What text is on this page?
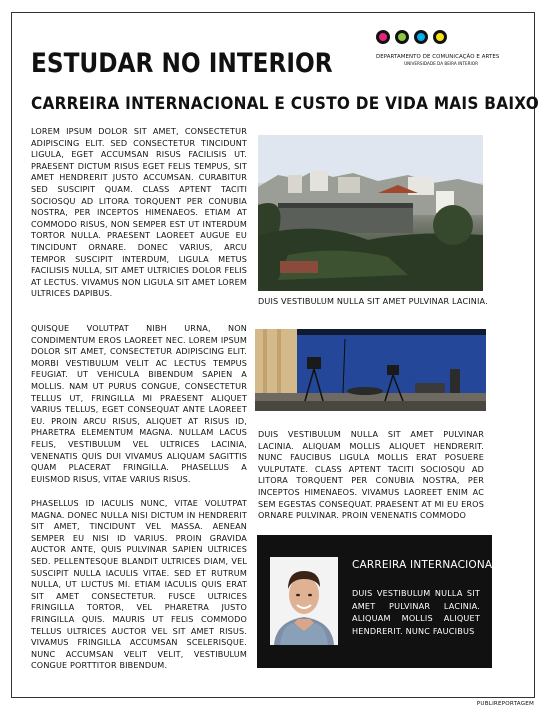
ESTUDAR NO INTERIOR
CARREIRA INTERNACIONAL E CUSTO DE VIDA MAIS BAIXO
DEPARTAMENTO DE COMUNICAÇÃO E ARTES
UNIVERSIDADE DA BEIRA INTERIOR

LOREM IPSUM DOLOR SIT AMET, CONSECTETUR ADIPISCING ELIT. SED CONSECTETUR TINCIDUNT LIGULA, EGET ACCUMSAN RISUS FACILISIS UT. PRAESENT DICTUM RISUS EGET FELIS TEMPUS, SIT AMET HENDRERIT JUSTO ACCUMSAN. CURABITUR SED SUSCIPIT QUAM. CLASS APTENT TACITI SOCIOSQU AD LITORA TORQUENT PER CONUBIA NOSTRA, PER INCEPTOS HIMENAEOS. ETIAM AT COMMODO RISUS, NON SEMPER EST UT INTERDUM TORTOR NULLA. PRAESENT LAOREET AUGUE EU TINCIDUNT ORNARE. DONEC VARIUS, ARCU TEMPOR SUSCIPIT INTERDUM, LIGULA METUS FACILISIS NULLA, SIT AMET ULTRICIES DOLOR FELIS AT LECTUS. VIVAMUS NON LIGULA SIT AMET LOREM ULTRICES DAPIBUS.

QUISQUE VOLUTPAT NIBH URNA, NON CONDIMENTUM EROS LAOREET NEC. LOREM IPSUM DOLOR SIT AMET, CONSECTETUR ADIPISCING ELIT. MORBI VESTIBULUM VELIT AC LECTUS TEMPUS FEUGIAT. UT VEHICULA BIBENDUM SAPIEN A MOLLIS. NAM UT PURUS CONGUE, CONSECTETUR TELLUS UT, FRINGILLA MI PRAESENT ALIQUET VARIUS TELLUS, EGET CONSEQUAT ANTE LAOREET EU. PROIN ARCU RISUS, ALIQUET AT RISUS ID, PHARETRA ELEMENTUM MAGNA. NULLAM LACUS FELIS, VESTIBULUM VEL ULTRICES LACINIA, VENENATIS QUIS DUI VIVAMUS ALIQUAM SAGITTIS QUAM PLACERAT FRINGILLA. PHASELLUS A EUISMOD RISUS, VITAE VARIUS RISUS.

PHASELLUS ID IACULIS NUNC, VITAE VOLUTPAT MAGNA. DONEC NULLA NISI DICTUM IN HENDRERIT SIT AMET, TINCIDUNT VEL MASSA. AENEAN SEMPER EU NISI ID VARIUS. PROIN GRAVIDA AUCTOR ANTE, QUIS PULVINAR SAPIEN ULTRICES SED. PELLENTESQUE BLANDIT ULTRICES DIAM, VEL SUSCIPIT NULLA IACULIS VITAE. SED ET RUTRUM NULLA, UT LUCTUS MI. ETIAM IACULIS QUIS ERAT SIT AMET CONSECTETUR. FUSCE ULTRICES FRINGILLA TORTOR, VEL PHARETRA JUSTO FRINGILLA QUIS. MAURIS UT FELIS COMMODO TELLUS ULTRICES AUCTOR VEL SIT AMET RISUS. VIVAMUS FRINGILLA ACCUMSAN SCELERISQUE. NUNC ACCUMSAN VELIT VELIT, VESTIBULUM CONGUE PORTTITOR BIBENDUM.

DUIS VESTIBULUM NULLA SIT AMET PULVINAR LACINIA.

DUIS VESTIBULUM NULLA SIT AMET PULVINAR LACINIA. ALIQUAM MOLLIS ALIQUET HENDRERIT. NUNC FAUCIBUS LIGULA MOLLIS ERAT POSUERE VULPUTATE. CLASS APTENT TACITI SOCIOSQU AD LITORA TORQUENT PER CONUBIA NOSTRA, PER INCEPTOS HIMENAEOS. VIVAMUS LAOREET ENIM AC SEM EGESTAS CONSEQUAT. PRAESENT AT MI EU EROS ORNARE PULVINAR. PROIN VENENATIS COMMODO

CARREIRA INTERNACIONAL

DUIS VESTIBULUM NULLA SIT AMET PULVINAR LACINIA. ALIQUAM MOLLIS ALIQUET HENDRERIT. NUNC FAUCIBUS

PUBLIREPORTAGEM
